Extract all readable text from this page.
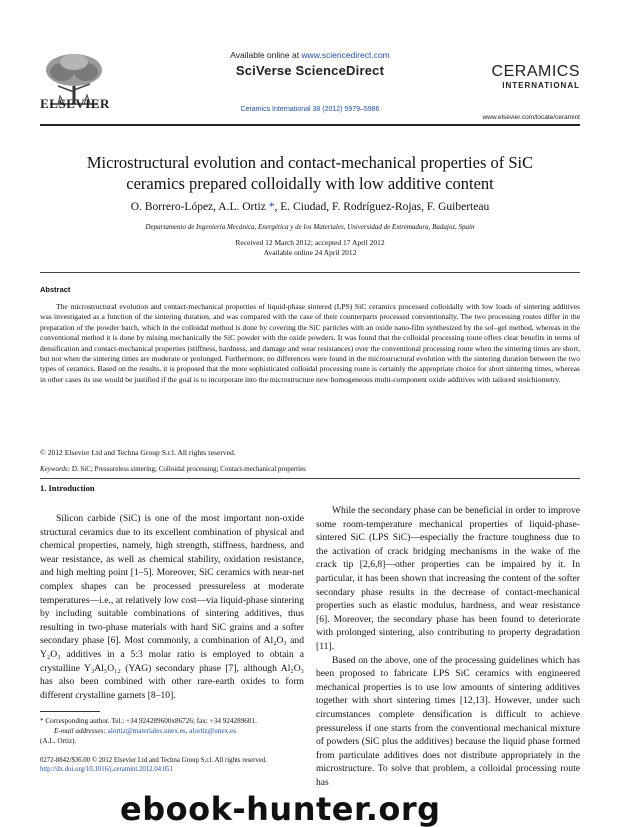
ELSEVIER
Available online at www.sciencedirect.com
SciVerse ScienceDirect
Ceramics International 38 (2012) 5979–5986
CERAMICS
INTERNATIONAL
www.elsevier.com/locate/ceramint
Microstructural evolution and contact-mechanical properties of SiC ceramics prepared colloidally with low additive content
O. Borrero-López, A.L. Ortiz *, E. Ciudad, F. Rodríguez-Rojas, F. Guiberteau
Departamento de Ingeniería Mecánica, Energética y de los Materiales, Universidad de Extremadura, Badajoz, Spain
Received 12 March 2012; accepted 17 April 2012
Available online 24 April 2012
Abstract

The microstructural evolution and contact-mechanical properties of liquid-phase sintered (LPS) SiC ceramics processed colloidally with low loads of sintering additives was investigated as a function of the sintering duration, and was compared with the case of their counterparts processed conventionally. The two processing routes differ in the preparation of the powder batch, which in the colloidal method is done by covering the SiC particles with an oxide nano-film synthesized by the sol–gel method, whereas in the conventional method it is done by mixing mechanically the SiC powder with the oxide powders. It was found that the colloidal processing route offers clear benefits in terms of densification and contact-mechanical properties (stiffness, hardness, and damage and wear resistances) over the conventional processing route when the sintering times are short, but not when the sintering times are moderate or prolonged. Furthermore, no differences were found in the microstructural evolution with the sintering duration between the two types of ceramics. Based on the results, it is proposed that the more sophisticated colloidal processing route is certainly the appropriate choice for short sintering times, whereas in other cases its use would be justified if the goal is to incorporate into the microstructure new homogeneous multi-component oxide additives with tailored stoichiometry.

© 2012 Elsevier Ltd and Techna Group S.r.l. All rights reserved.
Keywords: D. SiC; Pressureless sintering; Colloidal processing; Contact-mechanical properties
1. Introduction

Silicon carbide (SiC) is one of the most important non-oxide structural ceramics due to its excellent combination of physical and chemical properties, namely, high strength, stiffness, hardness, and wear resistance, as well as chemical stability, oxidation resistance, and high melting point [1–5]. Moreover, SiC ceramics with near-net complex shapes can be processed pressureless at moderate temperatures—i.e., at relatively low cost—via liquid-phase sintering by including suitable combinations of sintering additives, thus resulting in two-phase materials with hard SiC grains and a softer secondary phase [6]. Most commonly, a combination of Al₂O₃ and Y₂O₃ additives in a 5:3 molar ratio is employed to obtain a crystalline Y₃Al₅O₁₂ (YAG) secondary phase [7], although Al₂O₃ has also been combined with other rare-earth oxides to form different crystalline garnets [8–10].

While the secondary phase can be beneficial in order to improve some room-temperature mechanical properties of liquid-phase-sintered SiC (LPS SiC)—especially the fracture toughness due to the activation of crack bridging mechanisms in the wake of the crack tip [2,6,8]—other properties can be impaired by it. In particular, it has been shown that increasing the content of the softer secondary phase results in the decrease of contact-mechanical properties such as elastic modulus, hardness, and wear resistance [6]. Moreover, the secondary phase has been found to deteriorate with prolonged sintering, also contributing to property degradation [11].

Based on the above, one of the processing guidelines which has been proposed to fabricate LPS SiC ceramics with engineered mechanical properties is to use low amounts of sintering additives together with short sintering times [12,13]. However, under such circumstances complete densification is difficult to achieve pressureless if one starts from the conventional mechanical mixture of powders (SiC plus the additives) because the liquid phase formed from particulate additives does not distribute appropriately in the microstructure. To solve that problem, a colloidal processing route has

* Corresponding author. Tel.: +34 924289600x86726; fax: +34 924289601.
E-mail addresses: alortiz@materiales.unex.es, alortiz@unex.es
(A.L. Ortiz).
0272-8842/$36.00 © 2012 Elsevier Ltd and Techna Group S.r.l. All rights reserved.
http://dx.doi.org/10.1016/j.ceramint.2012.04.051
ebook-hunter.org
